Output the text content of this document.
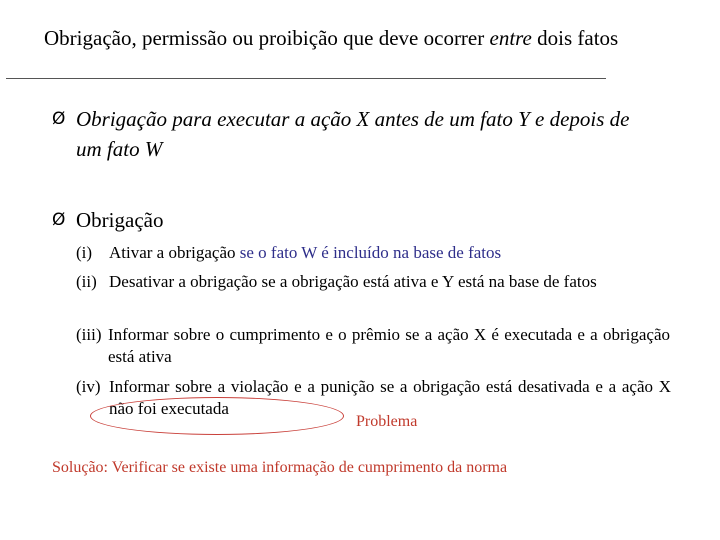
Obrigação, permissão ou proibição que deve ocorrer entre dois fatos
Ø Obrigação para executar a ação X antes de um fato Y e depois de um fato W
Ø Obrigação
(i) Ativar a obrigação se o fato W é incluído na base de fatos
(ii) Desativar a obrigação se a obrigação está ativa e Y está na base de fatos
(iii) Informar sobre o cumprimento e o prêmio se a ação X é executada e a obrigação está ativa
(iv) Informar sobre a violação e a punição se a obrigação está desativada e a ação X não foi executada
Problema
Solução: Verificar se existe uma informação de cumprimento da norma
